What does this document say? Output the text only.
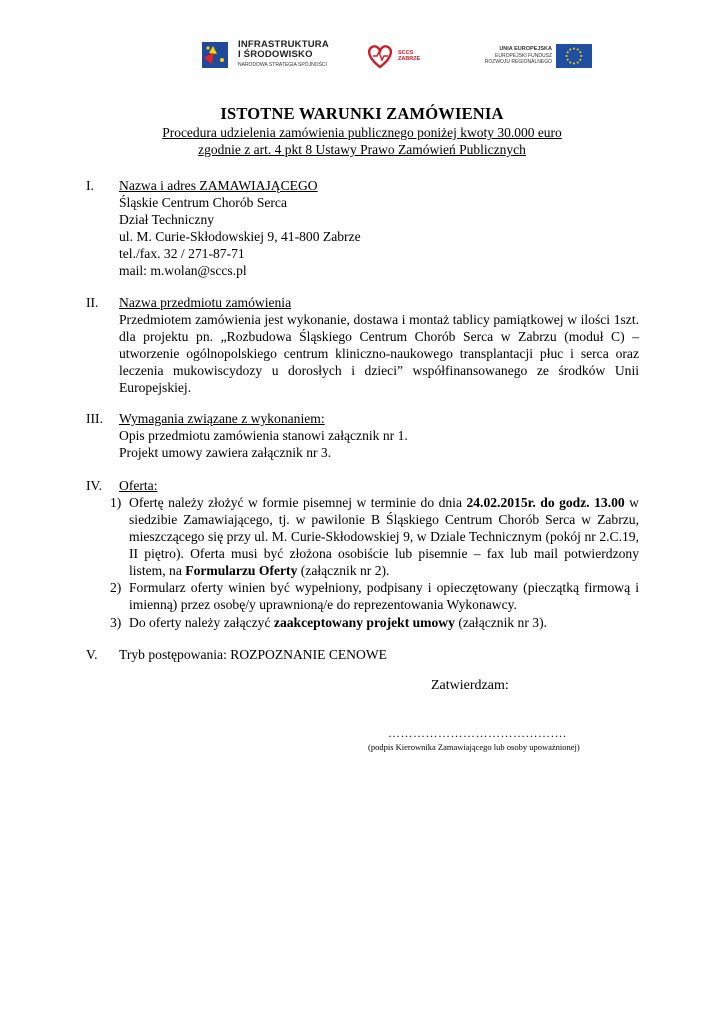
INFRASTRUKTURA
I ŚRODOWISKO
NARODOWA STRATEGIA SPÓJNOŚCI
SCCS
ZABRZE
UNIA EUROPEJSKA
EUROPEJSKI FUNDUSZ
ROZWOJU REGIONALNEGO
ISTOTNE WARUNKI ZAMÓWIENIA
Procedura udzielenia zamówienia publicznego poniżej kwoty 30.000 euro
zgodnie z art. 4 pkt 8 Ustawy Prawo Zamówień Publicznych
I. Nazwa i adres ZAMAWIAJĄCEGO
Śląskie Centrum Chorób Serca
Dział Techniczny
ul. M. Curie-Skłodowskiej 9, 41-800 Zabrze
tel./fax. 32 / 271-87-71
mail: m.wolan@sccs.pl
II. Nazwa przedmiotu zamówienia
Przedmiotem zamówienia jest wykonanie, dostawa i montaż tablicy pamiątkowej w ilości 1szt. dla projektu pn. „Rozbudowa Śląskiego Centrum Chorób Serca w Zabrzu (moduł C) – utworzenie ogólnopolskiego centrum kliniczno-naukowego transplantacji płuc i serca oraz leczenia mukowiscydozy u dorosłych i dzieci” współfinansowanego ze środków Unii Europejskiej.
III. Wymagania związane z wykonaniem:
Opis przedmiotu zamówienia stanowi załącznik nr 1.
Projekt umowy zawiera załącznik nr 3.
IV. Oferta:
1) Ofertę należy złożyć w formie pisemnej w terminie do dnia 24.02.2015r. do godz. 13.00 w siedzibie Zamawiającego, tj. w pawilonie B Śląskiego Centrum Chorób Serca w Zabrzu, mieszczącego się przy ul. M. Curie-Skłodowskiej 9, w Dziale Technicznym (pokój nr 2.C.19, II piętro). Oferta musi być złożona osobiście lub pisemnie – fax lub mail potwierdzony listem, na Formularzu Oferty (załącznik nr 2).
2) Formularz oferty winien być wypełniony, podpisany i opieczętowany (pieczątką firmową i imienną) przez osobę/y uprawnioną/e do reprezentowania Wykonawcy.
3) Do oferty należy załączyć zaakceptowany projekt umowy (załącznik nr 3).
V. Tryb postępowania: ROZPOZNANIE CENOWE
Zatwierdzam:
…………………………………….
(podpis Kierownika Zamawiającego lub osoby upoważnionej)
